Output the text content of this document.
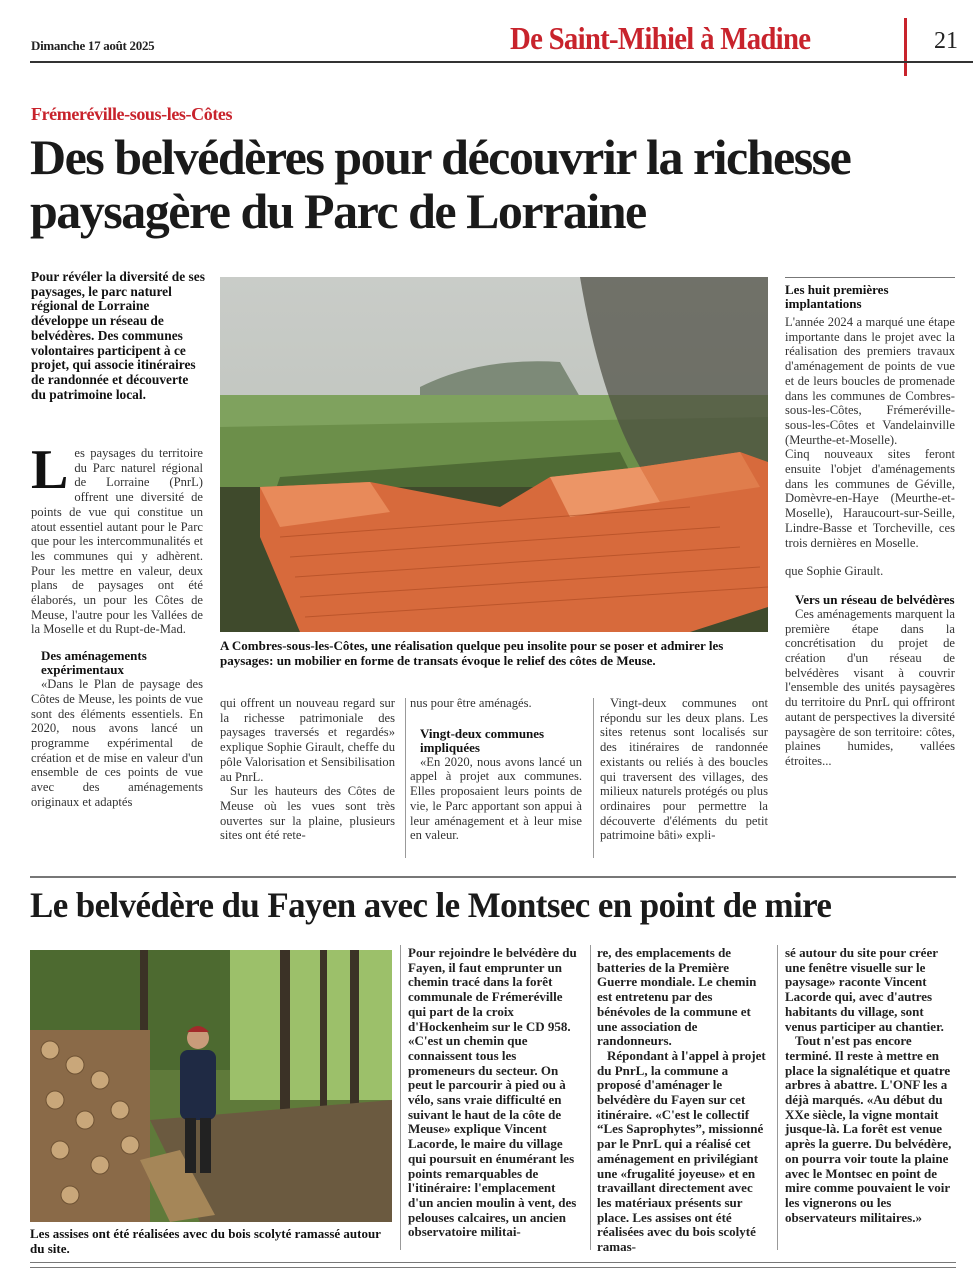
Dimanche 17 août 2025	De Saint-Mihiel à Madine	21
Frémeréville-sous-les-Côtes
Des belvédères pour découvrir la richesse paysagère du Parc de Lorraine
Pour révéler la diversité de ses paysages, le parc naturel régional de Lorraine développe un réseau de belvédères. Des communes volontaires participent à ce projet, qui associe itinéraires de randonnée et découverte du patrimoine local.

Les paysages du territoire du Parc naturel régional de Lorraine (PnrL) offrent une diversité de points de vue qui constitue un atout essentiel autant pour le Parc que pour les intercommunalités et les communes qui y adhèrent. Pour les mettre en valeur, deux plans de paysages ont été élaborés, un pour les Côtes de Meuse, l'autre pour les Vallées de la Moselle et du Rupt-de-Mad.

Des aménagements expérimentaux

«Dans le Plan de paysage des Côtes de Meuse, les points de vue sont des éléments essentiels. En 2020, nous avons lancé un programme expérimental de création et de mise en valeur d'un ensemble de ces points de vue avec des aménagements originaux et adaptés

A Combres-sous-les-Côtes, une réalisation quelque peu insolite pour se poser et admirer les paysages: un mobilier en forme de transats évoque le relief des côtes de Meuse.

qui offrent un nouveau regard sur la richesse patrimoniale des paysages traversés et regardés» explique Sophie Girault, cheffe du pôle Valorisation et Sensibilisation au PnrL.

Sur les hauteurs des Côtes de Meuse où les vues sont très ouvertes sur la plaine, plusieurs sites ont été rete-

nus pour être aménagés.

Vingt-deux communes impliquées

«En 2020, nous avons lancé un appel à projet aux communes. Elles proposaient leurs points de vie, le Parc apportant son appui à leur aménagement et à leur mise en valeur.

Vingt-deux communes ont répondu sur les deux plans. Les sites retenus sont localisés sur des itinéraires de randonnée existants ou reliés à des boucles qui traversent des villages, des milieux naturels protégés ou plus ordinaires pour permettre la découverte d'éléments du petit patrimoine bâti» expli-

Les huit premières implantations

L'année 2024 a marqué une étape importante dans le projet avec la réalisation des premiers travaux d'aménagement de points de vue et de leurs boucles de promenade dans les communes de Combres-sous-les-Côtes, Frémeréville-sous-les-Côtes et Vandelainville (Meurthe-et-Moselle).

Cinq nouveaux sites feront ensuite l'objet d'aménagements dans les communes de Géville, Domèvre-en-Haye (Meurthe-et-Moselle), Haraucourt-sur-Seille, Lindre-Basse et Torcheville, ces trois dernières en Moselle.

que Sophie Girault.

Vers un réseau de belvédères

Ces aménagements marquent la première étape dans la concrétisation du projet de création d'un réseau de belvédères visant à couvrir l'ensemble des unités paysagères du territoire du PnrL qui offriront autant de perspectives la diversité paysagère de son territoire: côtes, plaines humides, vallées étroites...

Le belvédère du Fayen avec le Montsec en point de mire
Les assises ont été réalisées avec du bois scolyté ramassé autour du site.

Pour rejoindre le belvédère du Fayen, il faut emprunter un chemin tracé dans la forêt communale de Frémeréville qui part de la croix d'Hockenheim sur le CD 958.

«C'est un chemin que connaissent tous les promeneurs du secteur. On peut le parcourir à pied ou à vélo, sans vraie difficulté en suivant le haut de la côte de Meuse» explique Vincent Lacorde, le maire du village qui poursuit en énumérant les points remarquables de l'itinéraire: l'emplacement d'un ancien moulin à vent, des pelouses calcaires, un ancien observatoire militai-

re, des emplacements de batteries de la Première Guerre mondiale. Le chemin est entretenu par des bénévoles de la commune et une association de randonneurs.

Répondant à l'appel à projet du PnrL, la commune a proposé d'aménager le belvédère du Fayen sur cet itinéraire. «C'est le collectif “Les Saprophytes”, missionné par le PnrL qui a réalisé cet aménagement en privilégiant une «frugalité joyeuse» et en travaillant directement avec les matériaux présents sur place. Les assises ont été réalisées avec du bois scolyté ramas-

sé autour du site pour créer une fenêtre visuelle sur le paysage» raconte Vincent Lacorde qui, avec d'autres habitants du village, sont venus participer au chantier.

Tout n'est pas encore terminé. Il reste à mettre en place la signalétique et quatre arbres à abattre. L'ONF les a déjà marqués. «Au début du XXe siècle, la vigne montait jusque-là. La forêt est venue après la guerre. Du belvédère, on pourra voir toute la plaine avec le Montsec en point de mire comme pouvaient le voir les vignerons ou les observateurs militaires.»
